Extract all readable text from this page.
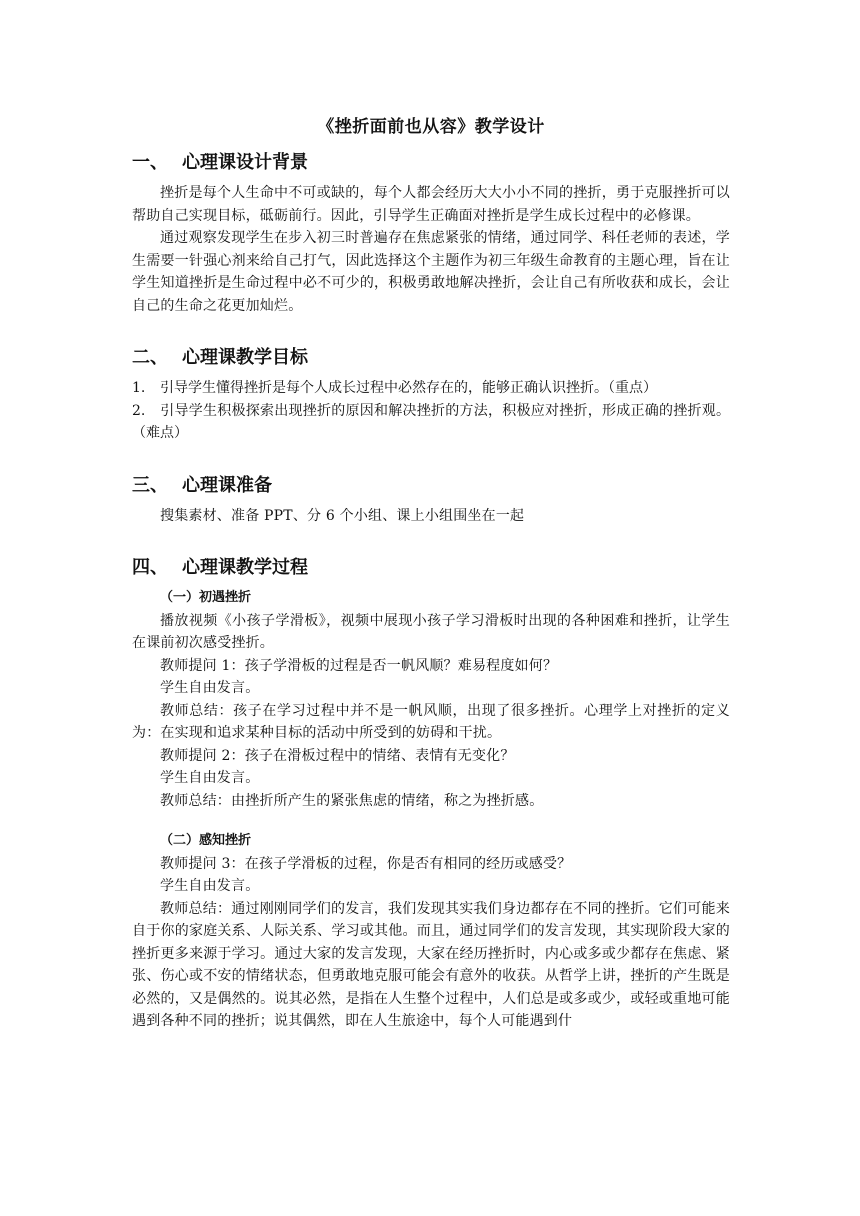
《挫折面前也从容》教学设计
一、 心理课设计背景

挫折是每个人生命中不可或缺的，每个人都会经历大大小小不同的挫折，勇于克服挫折可以帮助自己实现目标，砥砺前行。因此，引导学生正确面对挫折是学生成长过程中的必修课。

通过观察发现学生在步入初三时普遍存在焦虑紧张的情绪，通过同学、科任老师的表述，学生需要一针强心剂来给自己打气，因此选择这个主题作为初三年级生命教育的主题心理，旨在让学生知道挫折是生命过程中必不可少的，积极勇敢地解决挫折，会让自己有所收获和成长，会让自己的生命之花更加灿烂。

二、 心理课教学目标

1. 引导学生懂得挫折是每个人成长过程中必然存在的，能够正确认识挫折。（重点）

2. 引导学生积极探索出现挫折的原因和解决挫折的方法，积极应对挫折，形成正确的挫折观。（难点）

三、 心理课准备

搜集素材、准备 PPT、分 6 个小组、课上小组围坐在一起

四、 心理课教学过程
（一）初遇挫折

播放视频《小孩子学滑板》，视频中展现小孩子学习滑板时出现的各种困难和挫折，让学生在课前初次感受挫折。

教师提问 1：孩子学滑板的过程是否一帆风顺？难易程度如何？

学生自由发言。

教师总结：孩子在学习过程中并不是一帆风顺，出现了很多挫折。心理学上对挫折的定义为：在实现和追求某种目标的活动中所受到的妨碍和干扰。

教师提问 2：孩子在滑板过程中的情绪、表情有无变化？

学生自由发言。

教师总结：由挫折所产生的紧张焦虑的情绪，称之为挫折感。

（二）感知挫折

教师提问 3：在孩子学滑板的过程，你是否有相同的经历或感受？

学生自由发言。

教师总结：通过刚刚同学们的发言，我们发现其实我们身边都存在不同的挫折。它们可能来自于你的家庭关系、人际关系、学习或其他。而且，通过同学们的发言发现，其实现阶段大家的挫折更多来源于学习。通过大家的发言发现，大家在经历挫折时，内心或多或少都存在焦虑、紧张、伤心或不安的情绪状态，但勇敢地克服可能会有意外的收获。从哲学上讲，挫折的产生既是必然的，又是偶然的。说其必然，是指在人生整个过程中，人们总是或多或少，或轻或重地可能遇到各种不同的挫折；说其偶然，即在人生旅途中，每个人可能遇到什
